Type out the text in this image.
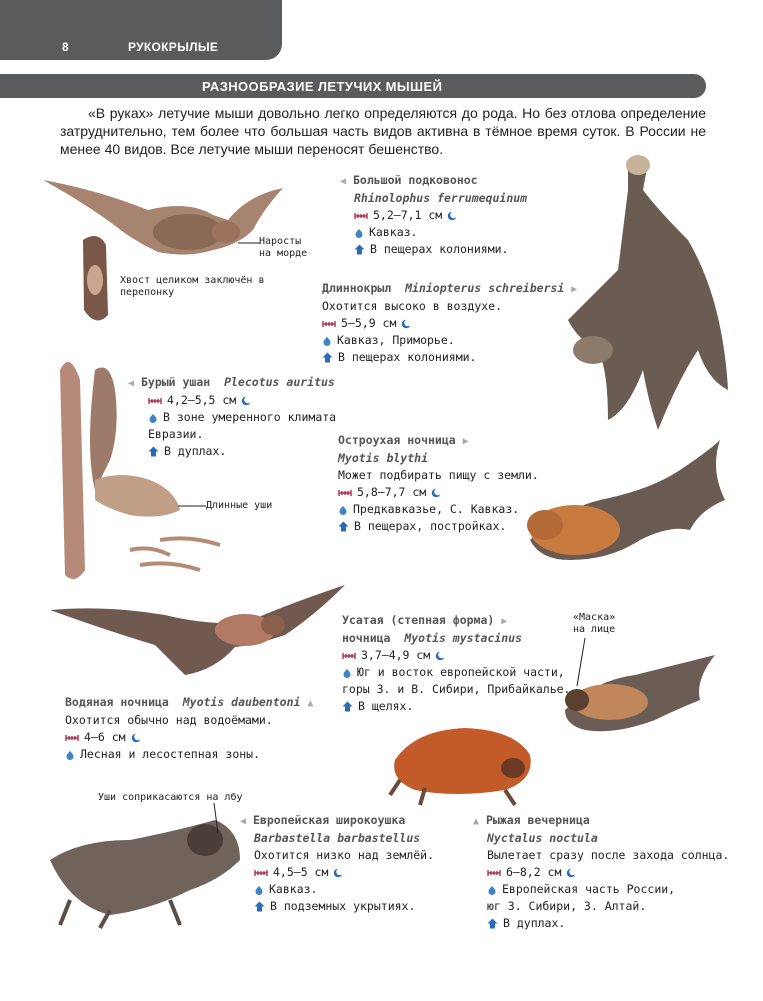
8	РУКОКРЫЛЫЕ
РАЗНООБРАЗИЕ ЛЕТУЧИХ МЫШЕЙ

«В руках» летучие мыши довольно легко определяются до рода. Но без отлова определение затруднительно, тем более что большая часть видов активна в тёмное время суток. В России не менее 40 видов. Все летучие мыши переносят бешенство.

Наросты на морде
Хвост целиком заключён в перепонку
Длинные уши
«Маска» на лице
Уши соприкасаются на лбу
◀ Большой подковонос
Rhinolophus ferrumequinum
5,2–7,1 см
Кавказ.
В пещерах колониями.
Длиннокрыл Miniopterus schreibersi ▶
Охотится высоко в воздухе.
5–5,9 см
Кавказ, Приморье.
В пещерах колониями.
◀ Бурый ушан Plecotus auritus
4,2–5,5 см
В зоне умеренного климата
Евразии.
В дуплах.
Остроухая ночница ▶
Myotis blythi
Может подбирать пищу с земли.
5,8–7,7 см
Предкавказье, С. Кавказ.
В пещерах, постройках.
Усатая (степная форма) ▶
ночница Myotis mystacinus
3,7–4,9 см
Юг и восток европейской части,
горы З. и В. Сибири, Прибайкалье.
В щелях.
Водяная ночница Myotis daubentoni ▲
Охотится обычно над водоёмами.
4–6 см
Лесная и лесостепная зоны.
◀ Европейская широкоушка
Barbastella barbastellus
Охотится низко над землёй.
4,5–5 см
Кавказ.
В подземных укрытиях.
▲ Рыжая вечерница
Nyctalus noctula
Вылетает сразу после захода солнца.
6–8,2 см
Европейская часть России,
юг З. Сибири, З. Алтай.
В дуплах.
